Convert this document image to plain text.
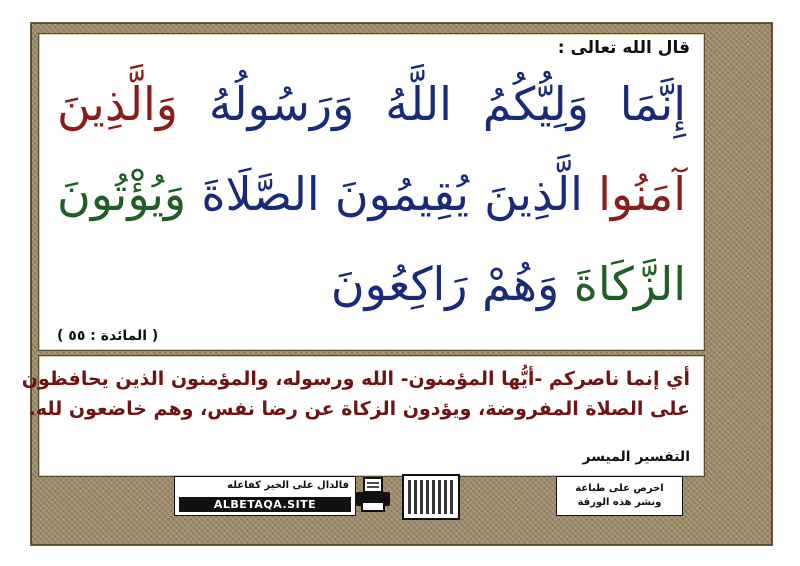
قال الله تعالى :
إِنَّمَا وَلِيُّكُمُ اللَّهُ وَرَسُولُهُ وَالَّذِينَ
آمَنُوا الَّذِينَ يُقِيمُونَ الصَّلَاةَ وَيُؤْتُونَ
الزَّكَاةَ وَهُمْ رَاكِعُونَ
( المائدة : ٥٥ )
أي إنما ناصركم -أيُّها المؤمنون- الله ورسوله، والمؤمنون الذين يحافظون
على الصلاة المفروضة، ويؤدون الزكاة عن رضا نفس، وهم خاضعون لله.
التفسير الميسر
فالدال على الخير كفاعله
ALBETAQA.SITE
احرص على طباعة
ونشر هذه الورقة
